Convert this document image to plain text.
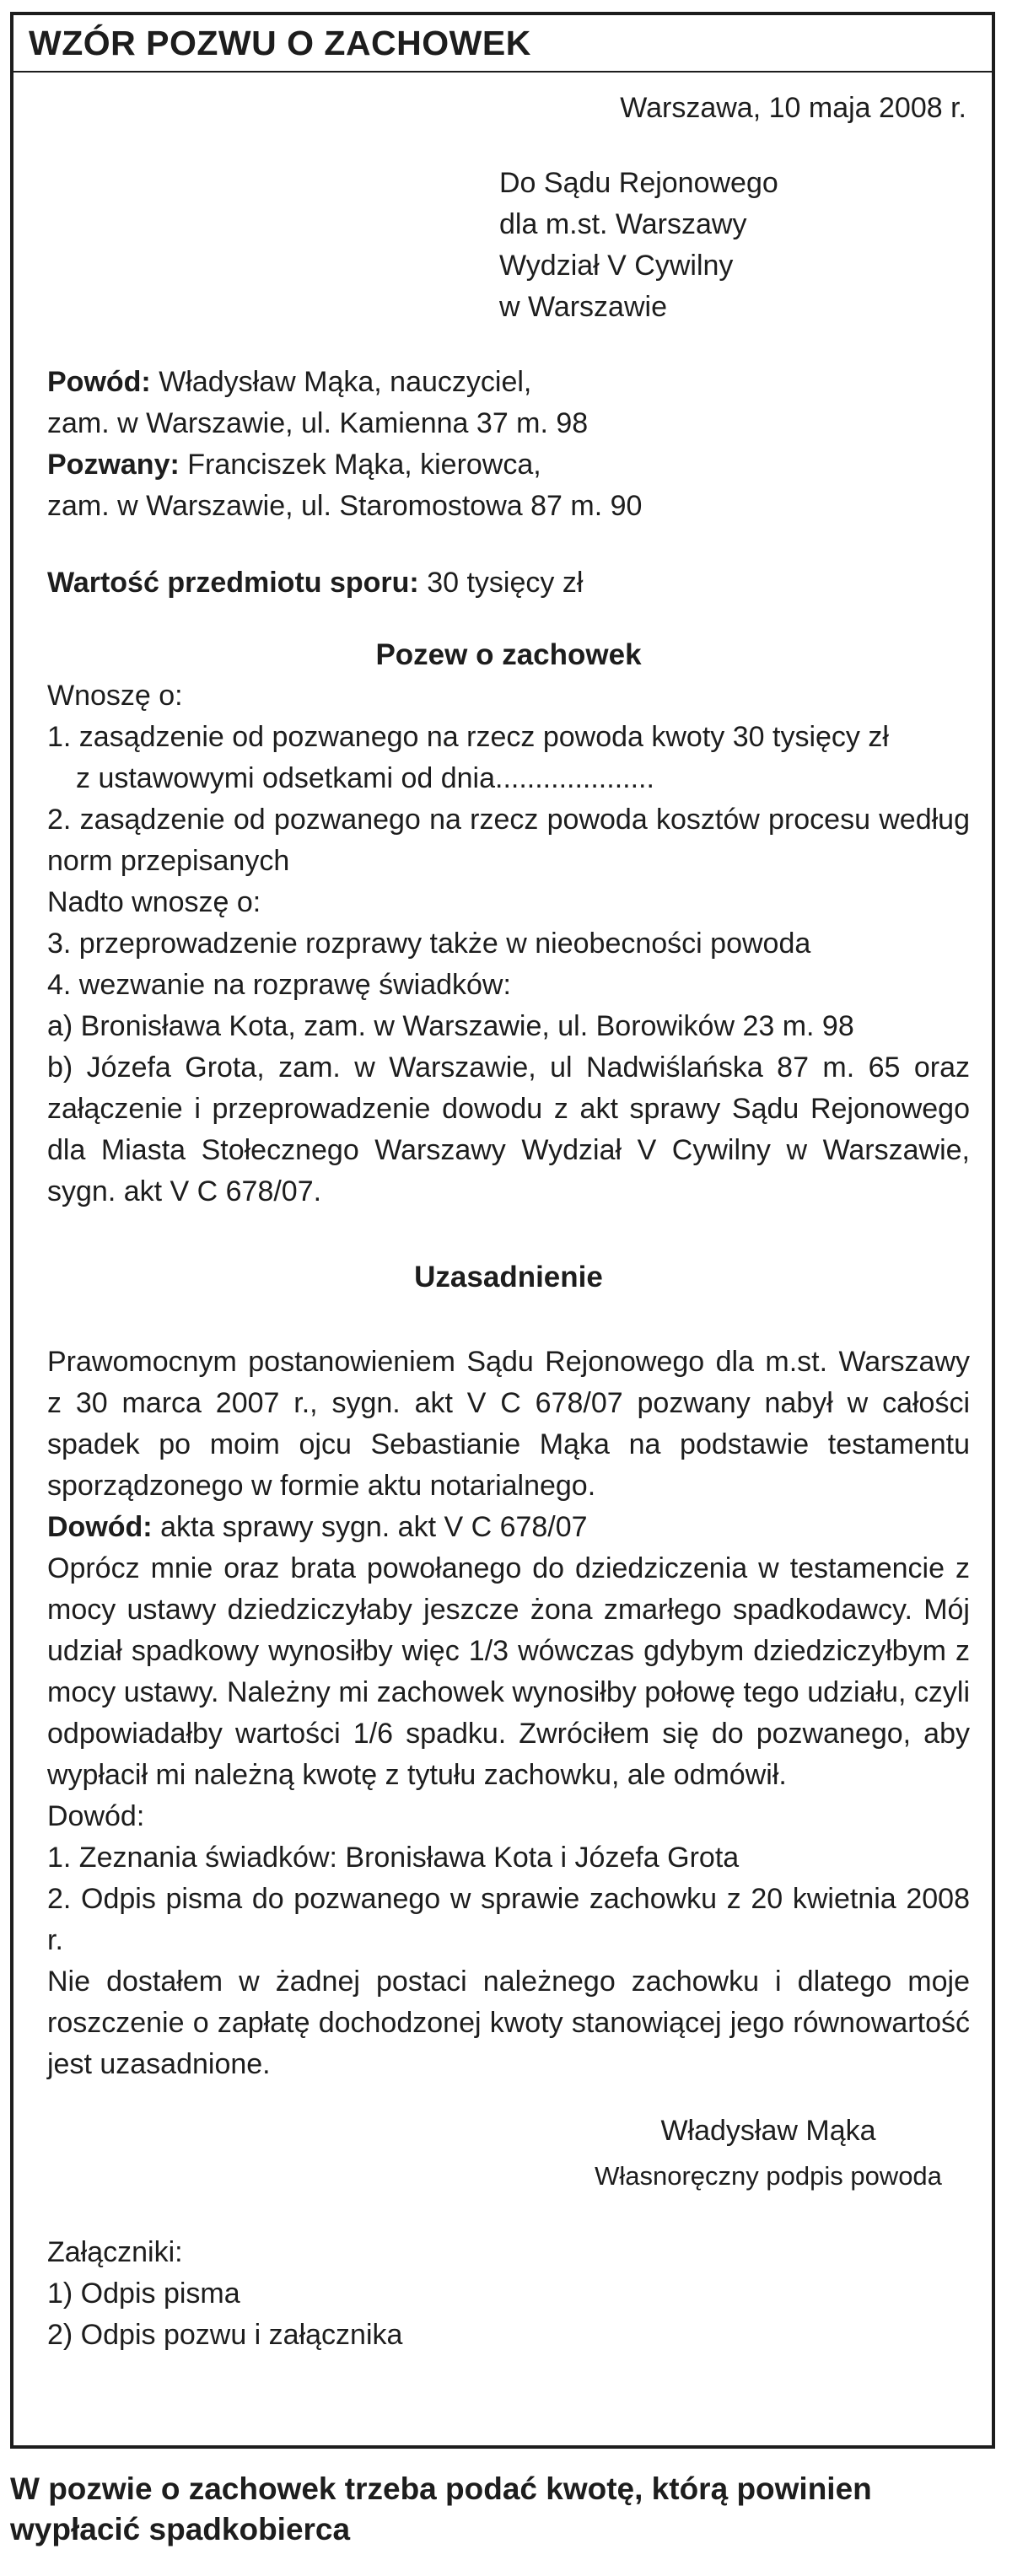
WZÓR POZWU O ZACHOWEK
Warszawa, 10 maja 2008 r.
Do Sądu Rejonowego
dla m.st. Warszawy
Wydział V Cywilny
w Warszawie
Powód: Władysław Mąka, nauczyciel,
zam. w Warszawie, ul. Kamienna 37 m. 98
Pozwany: Franciszek Mąka, kierowca,
zam. w Warszawie, ul. Staromostowa 87 m. 90
Wartość przedmiotu sporu: 30 tysięcy zł
Pozew o zachowek
Wnoszę o:
1. zasądzenie od pozwanego na rzecz powoda kwoty 30 tysięcy zł
z ustawowymi odsetkami od dnia....................
2. zasądzenie od pozwanego na rzecz powoda kosztów procesu według norm przepisanych
Nadto wnoszę o:
3. przeprowadzenie rozprawy także w nieobecności powoda
4. wezwanie na rozprawę świadków:
a) Bronisława Kota, zam. w Warszawie, ul. Borowików 23 m. 98
b) Józefa Grota, zam. w Warszawie, ul Nadwiślańska 87 m. 65 oraz załączenie i przeprowadzenie dowodu z akt sprawy Sądu Rejonowego dla Miasta Stołecznego Warszawy Wydział V Cywilny w Warszawie, sygn. akt V C 678/07.
Uzasadnienie
Prawomocnym postanowieniem Sądu Rejonowego dla m.st. Warszawy z 30 marca 2007 r., sygn. akt V C 678/07 pozwany nabył w całości spadek po moim ojcu Sebastianie Mąka na podstawie testamentu sporządzonego w formie aktu notarialnego.
Dowód: akta sprawy sygn. akt V C 678/07
Oprócz mnie oraz brata powołanego do dziedziczenia w testamencie z mocy ustawy dziedziczyłaby jeszcze żona zmarłego spadkodawcy. Mój udział spadkowy wynosiłby więc 1/3 wówczas gdybym dziedziczyłbym z mocy ustawy. Należny mi zachowek wynosiłby połowę tego udziału, czyli odpowiadałby wartości 1/6 spadku. Zwróciłem się do pozwanego, aby wypłacił mi należną kwotę z tytułu zachowku, ale odmówił.
Dowód:
1. Zeznania świadków: Bronisława Kota i Józefa Grota
2. Odpis pisma do pozwanego w sprawie zachowku z 20 kwietnia 2008 r.
Nie dostałem w żadnej postaci należnego zachowku i dlatego moje roszczenie o zapłatę dochodzonej kwoty stanowiącej jego równowartość jest uzasadnione.
Władysław Mąka
Własnoręczny podpis powoda
Załączniki:
1) Odpis pisma
2) Odpis pozwu i załącznika
W pozwie o zachowek trzeba podać kwotę, którą powinien wypłacić spadkobierca
